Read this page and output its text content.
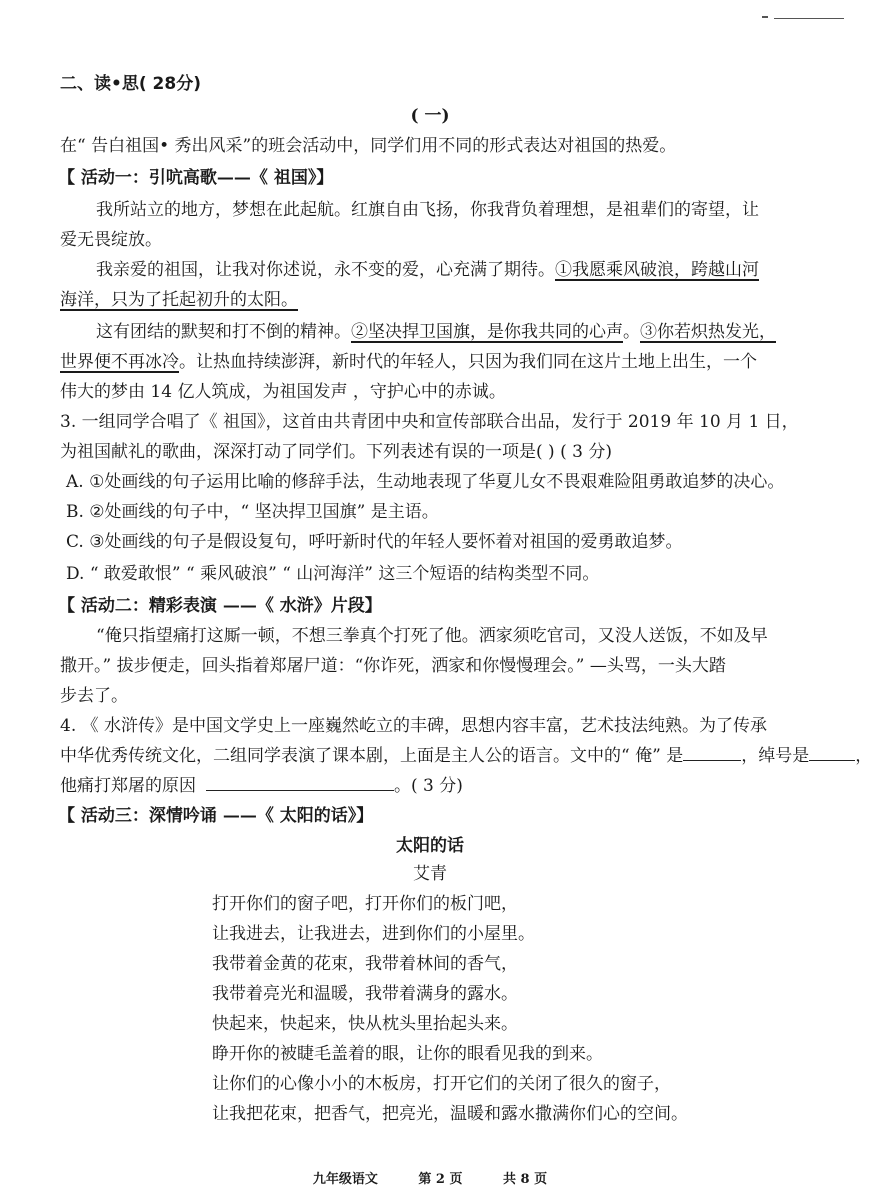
二、读•思( 28分)
( 一)
在“ 告白祖国• 秀出风采”的班会活动中，同学们用不同的形式表达对祖国的热爱。
【 活动一：引吭高歌——《 祖国》】
我所站立的地方，梦想在此起航。红旗自由飞扬，你我背负着理想，是祖辈们的寄望，让
爱无畏绽放。
我亲爱的祖国，让我对你述说，永不变的爱，心充满了期待。①我愿乘风破浪，跨越山河
海洋，只为了托起初升的太阳。
这有团结的默契和打不倒的精神。②坚决捍卫国旗，是你我共同的心声。③你若炽热发光，
世界便不再冰冷。让热血持续澎湃，新时代的年轻人，只因为我们同在这片土地上出生，一个
伟大的梦由 14 亿人筑成，为祖国发声 ，守护心中的赤诚。
3. 一组同学合唱了《 祖国》，这首由共青团中央和宣传部联合出品，发行于 2019 年 10 月 1 日，
为祖国献礼的歌曲，深深打动了同学们。下列表述有误的一项是( ) ( 3 分)
A. ①处画线的句子运用比喻的修辞手法，生动地表现了华夏儿女不畏艰难险阻勇敢追梦的决心。
B. ②处画线的句子中，“ 坚决捍卫国旗” 是主语。
C. ③处画线的句子是假设复句，呼吁新时代的年轻人要怀着对祖国的爱勇敢追梦。
D. “ 敢爱敢恨” “ 乘风破浪” “ 山河海洋” 这三个短语的结构类型不同。
【 活动二：精彩表演 ——《 水浒》片段】
“俺只指望痛打这厮一顿，不想三拳真个打死了他。洒家须吃官司，又没人送饭，不如及早
撒开。” 拔步便走，回头指着郑屠尸道：“你诈死，洒家和你慢慢理会。” —头骂，一头大踏
步去了。
4. 《 水浒传》是中国文学史上一座巍然屹立的丰碑，思想内容丰富，艺术技法纯熟。为了传承
中华优秀传统文化，二组同学表演了课本剧，上面是主人公的语言。文中的“ 俺” 是	，绰号是	，
他痛打郑屠的原因	。( 3 分)
【 活动三：深情吟诵 ——《 太阳的话》】
太阳的话
艾青
打开你们的窗子吧，打开你们的板门吧，
让我进去，让我进去，进到你们的小屋里。
我带着金黄的花束，我带着林间的香气，
我带着亮光和温暖，我带着满身的露水。
快起来，快起来，快从枕头里抬起头来。
睁开你的被睫毛盖着的眼，让你的眼看见我的到来。
让你们的心像小小的木板房，打开它们的关闭了很久的窗子，
让我把花束，把香气，把亮光，温暖和露水撒满你们心的空间。
九年级语文	第 2 页	共 8 页
